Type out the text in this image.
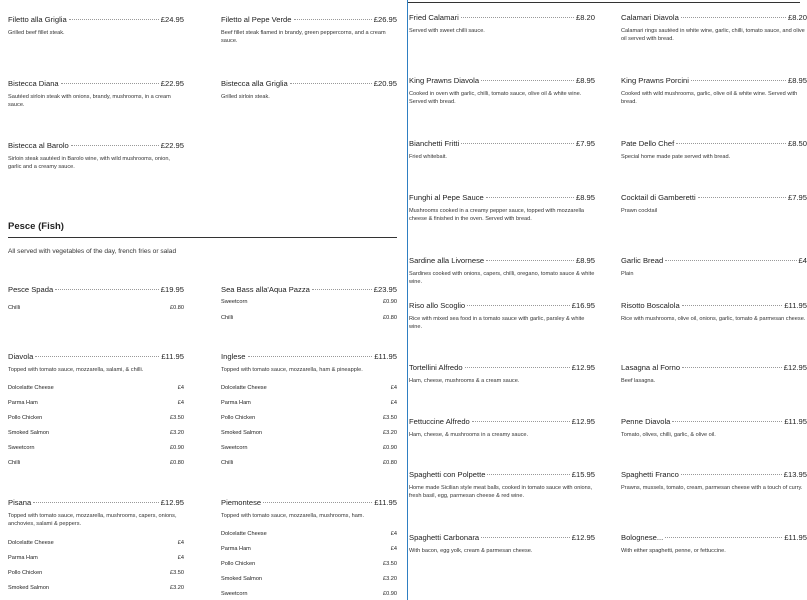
Filetto alla Griglia	£24.95
Grilled beef fillet steak.
Filetto al Pepe Verde	£26.95
Beef fillet steak flamed in brandy, green peppercorns, and a cream sauce.
Bistecca Diana	£22.95
Sautéed sirloin steak with onions, brandy, mushrooms, in a cream sauce.
Bistecca alla Griglia	£20.95
Grilled sirloin steak.
Bistecca al Barolo	£22.95
Sirloin steak sautéed in Barolo wine, with wild mushrooms, onion, garlic and a creamy sauce.
Pesce (Fish)
All served with vegetables of the day, french fries or salad
Pesce Spada	£19.95
Chilli	£0.80
Sea Bass alla'Aqua Pazza	£23.95
Sweetcorn	£0.90
Chilli	£0.80
Diavola	£11.95
Topped with tomato sauce, mozzarella, salami, & chilli.
Dolcelatte Cheese	£4
Parma Ham	£4
Pollo Chicken	£3.50
Smoked Salmon	£3.20
Sweetcorn	£0.90
Chilli	£0.80
Inglese	£11.95
Topped with tomato sauce, mozzarella, ham & pineapple.
Dolcelatte Cheese	£4
Parma Ham	£4
Pollo Chicken	£3.50
Smoked Salmon	£3.20
Sweetcorn	£0.90
Chilli	£0.80
Pisana	£12.95
Topped with tomato sauce, mozzarella, mushrooms, capers, onions, anchovies, salami & peppers.
Dolcelatte Cheese	£4
Parma Ham	£4
Pollo Chicken	£3.50
Smoked Salmon	£3.20
Piemontese	£11.95
Topped with tomato sauce, mozzarella, mushrooms, ham.
Dolcelatte Cheese	£4
Parma Ham	£4
Pollo Chicken	£3.50
Smoked Salmon	£3.20
Sweetcorn	£0.90
Fried Calamari	£8.20
Served with sweet chilli sauce.
Calamari Diavola	£8.20
Calamari rings sautéed in white wine, garlic, chilli, tomato sauce, and olive oil served with bread.
King Prawns Diavola	£8.95
Cooked in oven with garlic, chilli, tomato sauce, olive oil & white wine. Served with bread.
King Prawns Porcini	£8.95
Cooked with wild mushrooms, garlic, olive oil & white wine. Served with bread.
Bianchetti Fritti	£7.95
Fried whitebait.
Pate Dello Chef	£8.50
Special home made pate served with bread.
Funghi al Pepe Sauce	£8.95
Mushrooms cooked in a creamy pepper sauce, topped with mozzarella cheese & finished in the oven. Served with bread.
Cocktail di Gamberetti	£7.95
Prawn cocktail
Sardine alla Livornese	£8.95
Sardines cooked with onions, capers, chilli, oregano, tomato sauce & white wine.
Garlic Bread	£4
Plain
Riso allo Scoglio	£16.95
Rice with mixed sea food in a tomato sauce with garlic, parsley & white wine.
Risotto Boscalola	£11.95
Rice with mushrooms, olive oil, onions, garlic, tomato & parmesan cheese.
Tortellini Alfredo	£12.95
Ham, cheese, mushrooms & a cream sauce.
Lasagna al Forno	£12.95
Beef lasagna.
Fettuccine Alfredo	£12.95
Ham, cheese, & mushrooms in a creamy sauce.
Penne Diavola	£11.95
Tomato, olives, chilli, garlic, & olive oil.
Spaghetti con Polpette	£15.95
Home made Sicilian style meat balls, cooked in tomato sauce with onions, fresh basil, egg, parmesan cheese & red wine.
Spaghetti Franco	£13.95
Prawns, mussels, tomato, cream, parmesan cheese with a touch of curry.
Spaghetti Carbonara	£12.95
With bacon, egg yolk, cream & parmesan cheese.
Bolognese...	£11.95
With either spaghetti, penne, or fettuccine.
